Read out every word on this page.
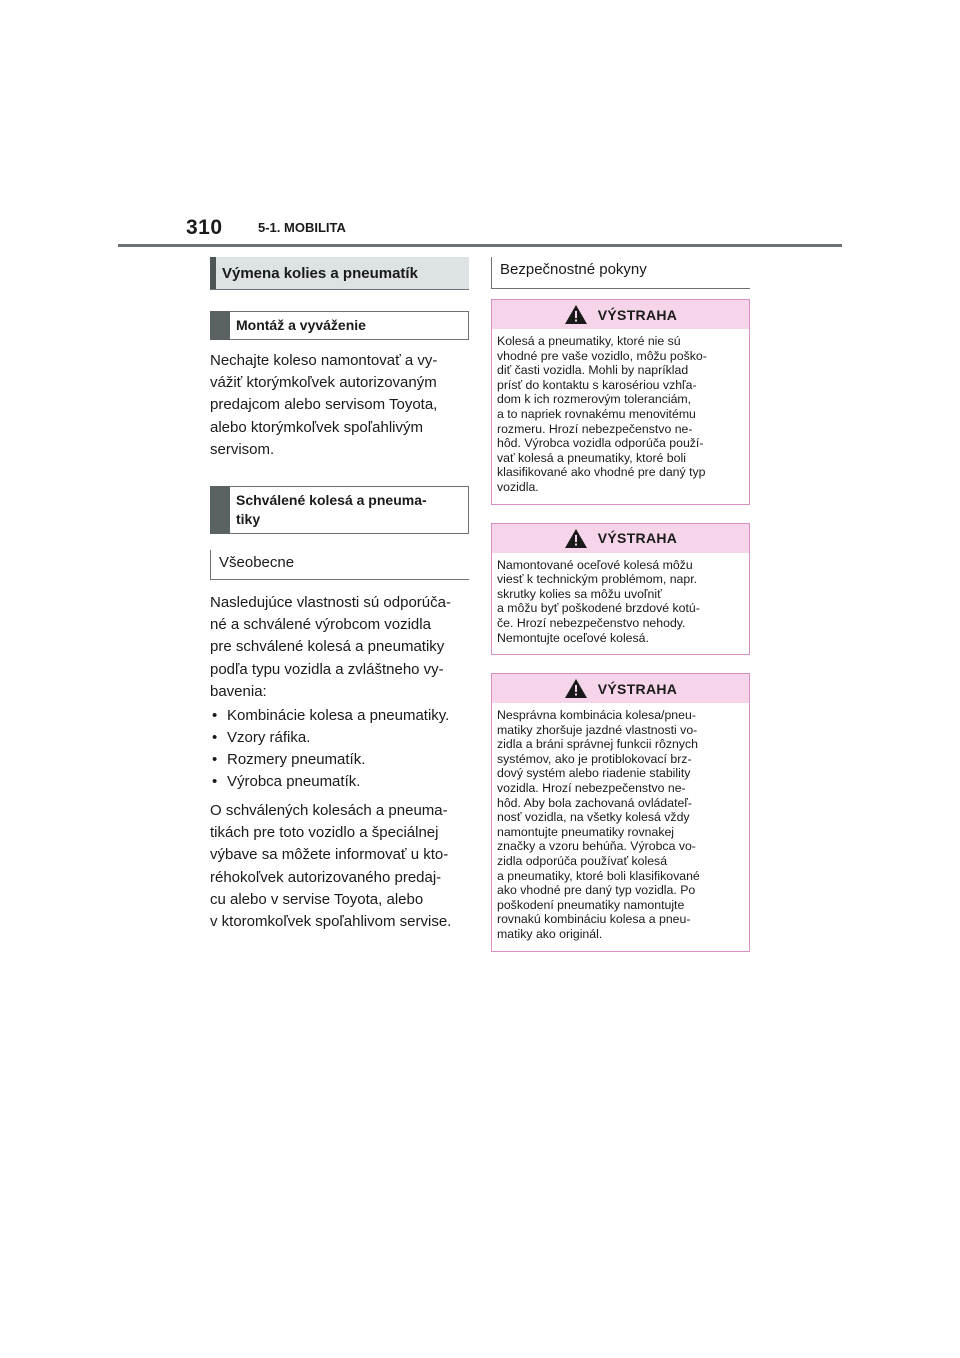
310	5-1. MOBILITA
Výmena kolies a pneumatík
Montáž a vyváženie
Nechajte koleso namontovať a vy-
vážiť ktorýmkoľvek autorizovaným
predajcom alebo servisom Toyota,
alebo ktorýmkoľvek spoľahlivým
servisom.
Schválené kolesá a pneuma-
tiky
Všeobecne
Nasledujúce vlastnosti sú odporúča-
né a schválené výrobcom vozidla
pre schválené kolesá a pneumatiky
podľa typu vozidla a zvláštneho vy-
bavenia:
• Kombinácie kolesa a pneumatiky.
• Vzory ráfika.
• Rozmery pneumatík.
• Výrobca pneumatík.
O schválených kolesách a pneuma-
tikách pre toto vozidlo a špeciálnej
výbave sa môžete informovať u kto-
réhokoľvek autorizovaného predaj-
cu alebo v servise Toyota, alebo
v ktoromkoľvek spoľahlivom servise.
Bezpečnostné pokyny
VÝSTRAHA
Kolesá a pneumatiky, ktoré nie sú
vhodné pre vaše vozidlo, môžu poško-
diť časti vozidla. Mohli by napríklad
prísť do kontaktu s karosériou vzhľa-
dom k ich rozmerovým toleranciám,
a to napriek rovnakému menovitému
rozmeru. Hrozí nebezpečenstvo ne-
hôd. Výrobca vozidla odporúča použí-
vať kolesá a pneumatiky, ktoré boli
klasifikované ako vhodné pre daný typ
vozidla.
VÝSTRAHA
Namontované oceľové kolesá môžu
viesť k technickým problémom, napr.
skrutky kolies sa môžu uvoľniť
a môžu byť poškodené brzdové kotú-
če. Hrozí nebezpečenstvo nehody.
Nemontujte oceľové kolesá.
VÝSTRAHA
Nesprávna kombinácia kolesa/pneu-
matiky zhoršuje jazdné vlastnosti vo-
zidla a bráni správnej funkcii rôznych
systémov, ako je protiblokovací brz-
dový systém alebo riadenie stability
vozidla. Hrozí nebezpečenstvo ne-
hôd. Aby bola zachovaná ovládateľ-
nosť vozidla, na všetky kolesá vždy
namontujte pneumatiky rovnakej
značky a vzoru behúňa. Výrobca vo-
zidla odporúča používať kolesá
a pneumatiky, ktoré boli klasifikované
ako vhodné pre daný typ vozidla. Po
poškodení pneumatiky namontujte
rovnakú kombináciu kolesa a pneu-
matiky ako originál.
